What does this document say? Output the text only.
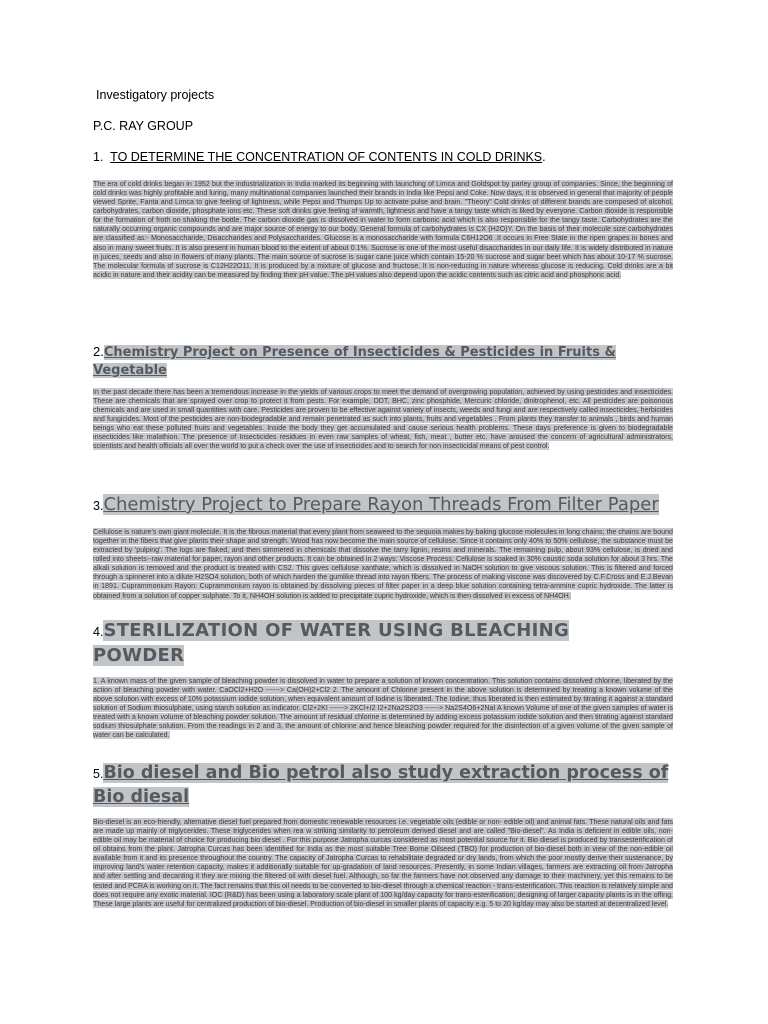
Investigatory projects
P.C. RAY GROUP
1. TO DETERMINE THE CONCENTRATION OF CONTENTS IN COLD DRINKS.
The era of cold drinks began in 1952 but the industrialization in India marked its beginning with launching of Limca and Goldspot by parley group of companies. Since, the beginning of cold drinks was highly profitable and luring, many multinational companies launched their brands in India like Pepsi and Coke. Now days, it is observed in general that majority of people viewed Sprite, Fanta and Limca to give feeling of lightness, while Pepsi and Thumps Up to activate pulse and brain. "Theory" Cold drinks of different brands are composed of alcohol, carbohydrates, carbon dioxide, phosphate ions etc. These soft drinks give feeling of warmth, lightness and have a tangy taste which is liked by everyone. Carbon dioxide is responsible for the formation of froth on shaking the bottle. The carbon dioxide gas is dissolved in water to form carbonic acid which is also responsible for the tangy taste. Carbohydrates are the naturally occurring organic compounds and are major source of energy to our body. General formula of carbohydrates is CX (H2O)Y. On the basis of their molecule size carbohydrates are classified as:- Monosaccharide, Disaccharides and Polysaccharides. Glucose is a monosaccharide with formula C6H12O6 .It occurs in Free State in the ripen grapes in bones and also in many sweet fruits. It is also present in human blood to the extent of about 0.1%. Sucrose is one of the most useful disaccharides in our daily life. It is widely distributed in nature in juices, seeds and also in flowers of many plants. The main source of sucrose is sugar cane juice which contain 15-20 % sucrose and sugar beet which has about 10-17 % sucrose. The molecular formula of sucrose is C12H22O11. It is produced by a mixture of glucose and fructose. It is non-reducing in nature whereas glucose is reducing. Cold drinks are a bit acidic in nature and their acidity can be measured by finding their pH value. The pH values also depend upon the acidic contents such as citric acid and phosphoric acid.
2.Chemistry Project on Presence of Insecticides & Pesticides in Fruits & Vegetable
In the past decade there has been a tremendous increase in the yields of various crops to meet the demand of overgrowing population, achieved by using pesticides and insecticides. These are chemicals that are sprayed over crop to protect it from pests. For example, DDT, BHC, zinc phosphide, Mercuric chloride, dinitrophenol, etc. All pesticides are poisonous chemicals and are used in small quantities with care. Pesticides are proven to be effective against variety of insects, weeds and fungi and are respectively called insecticides, herbicides and fungicides. Most of the pesticides are non-biodegradable and remain penetrated as such into plants, fruits and vegetables . From plants they transfer to animals , birds and human beings who eat these polluted fruits and vegetables. Inside the body they get accumulated and cause serious health problems. These days preference is given to biodegradable insecticides like malathion. The presence of Insecticides residues in even raw samples of wheat, fish, meat , butter etc. have aroused the concern of agricultural administrators, scientists and health officials all over the world to put a check over the use of insecticides and to search for non insecticidal means of pest control.
3.Chemistry Project to Prepare Rayon Threads From Filter Paper
Cellulose is nature's own giant molecule. It is the fibrous material that every plant from seaweed to the sequoia makes by baking glucose molecules in long chains; the chains are bound together in the fibers that give plants their shape and strength. Wood has now become the main source of cellulose. Since it contains only 40% to 50% cellulose, the substance must be extracted by 'pulping'. The logs are flaked, and then simmered in chemicals that dissolve the tarry lignin, resins and minerals. The remaining pulp, about 93% cellulose, is dried and rolled into sheets--raw material for paper, rayon and other products. It can be obtained in 2 ways: Viscose Process: Cellulose is soaked in 30% caustic soda solution for about 3 hrs. The alkali solution is removed and the product is treated with CS2. This gives cellulose xanthate, which is dissolved in NaOH solution to give viscous solution. This is filtered and forced through a spinneret into a dilute H2SO4 solution, both of which harden the gumlike thread into rayon fibers. The process of making viscose was discovered by C.F.Cross and E.J.Bevan in 1891. Cuprammonium Rayon: Cuprammonium rayon is obtained by dissolving pieces of filter paper in a deep blue solution containing tetra-ammine cupric hydroxide. The latter is obtained from a solution of copper sulphate. To it, NH4OH solution is added to precipitate cupric hydroxide, which is then dissolved in excess of NH4OH.
4.STERILIZATION OF WATER USING BLEACHING POWDER
1. A known mass of the given sample of bleaching powder is dissolved in water to prepare a solution of known concentration. This solution contains dissolved chlorine, liberated by the action of bleaching powder with water. CaOCl2+H2O ------> Ca(OH)2+Cl2 2. The amount of Chlorine present in the above solution is determined by treating a known volume of the above solution with excess of 10% potassium iodide solution, when equivalent amount of Iodine is liberated. The Iodine, thus liberated is then estimated by titrating it against a standard solution of Sodium thiosulphate, using starch solution as indicator. Cl2+2KI ------> 2KCl+I2 I2+2Na2S2O3 ------> Na2S4O6+2NaI A known Volume of one of the given samples of water is treated with a known volume of bleaching powder solution. The amount of residual chlorine is determined by adding excess potassium iodide solution and then titrating against standard sodium thiosulphate solution. From the readings in 2 and 3, the amount of chlorine and hence bleaching powder required for the disinfection of a given volume of the given sample of water can be calculated.
5.Bio diesel and Bio petrol also study extraction process of Bio diesal
Bio-diesel is an eco-friendly, alternative diesel fuel prepared from domestic renewable resources i.e. vegetable oils (edible or non- edible oil) and animal fats. These natural oils and fats are made up mainly of triglycerides. These triglycerides when rea w striking similarity to petroleum derived diesel and are called "Bio-diesel". As India is deficient in edible oils, non-edible oil may be material of choice for producing bio diesel . For this purpose Jatropha curcas considered as most potential source for it. Bio diesel is produced by transesterification of oil obtains from the plant. Jatropha Curcas has been identified for India as the most suitable Tree Borne Oilseed (TBO) for production of bio-diesel both in view of the non-edible oil available from it and its presence throughout the country. The capacity of Jatropha Curcas to rehabilitate degraded or dry lands, from which the poor mostly derive their sustenance, by improving land's water retention capacity, makes it additionally suitable for up-gradation of land resources. Presently, in some Indian villages, farmers are extracting oil from Jatropha and after settling and decanting it they are mixing the filtered oil with diesel fuel. Although, so far the farmers have not observed any damage to their machinery, yet this remains to be tested and PCRA is working on it. The fact remains that this oil needs to be converted to bio-diesel through a chemical reaction - trans-esterification. This reaction is relatively simple and does not require any exotic material. IOC (R&D) has been using a laboratory scale plant of 100 kg/day capacity for trans-esterification; designing of larger capacity plants is in the offing. These large plants are useful for centralized production of bio-diesel. Production of bio-diesel in smaller plants of capacity e.g. 5 to 20 kg/day may also be started at decentralized level.
